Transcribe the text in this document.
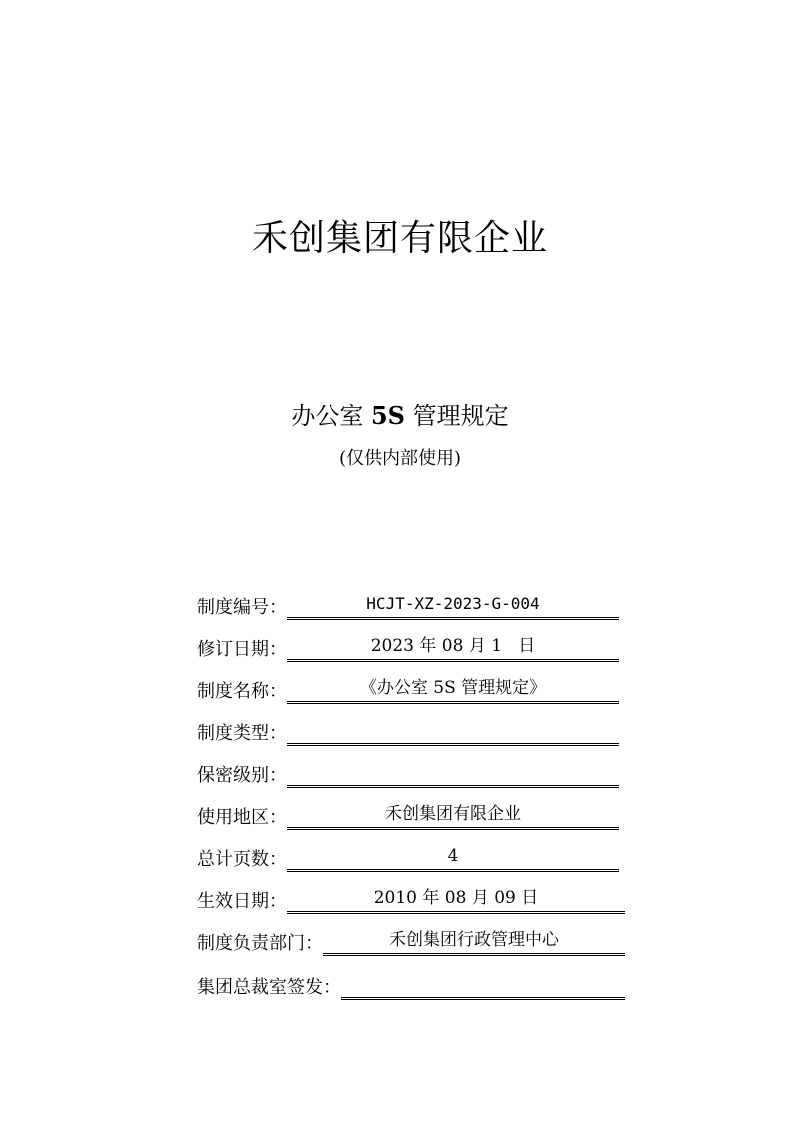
禾创集团有限企业
办公室 5S 管理规定
(仅供内部使用)
制度编号：	HCJT-XZ-2023-G-004
修订日期：	2023 年 08 月 1   日
制度名称：	《办公室 5S 管理规定》
制度类型：
保密级别：
使用地区：	禾创集团有限企业
总计页数：	4
生效日期：	2010 年 08 月 09 日
制度负责部门：	禾创集团行政管理中心
集团总裁室签发：
